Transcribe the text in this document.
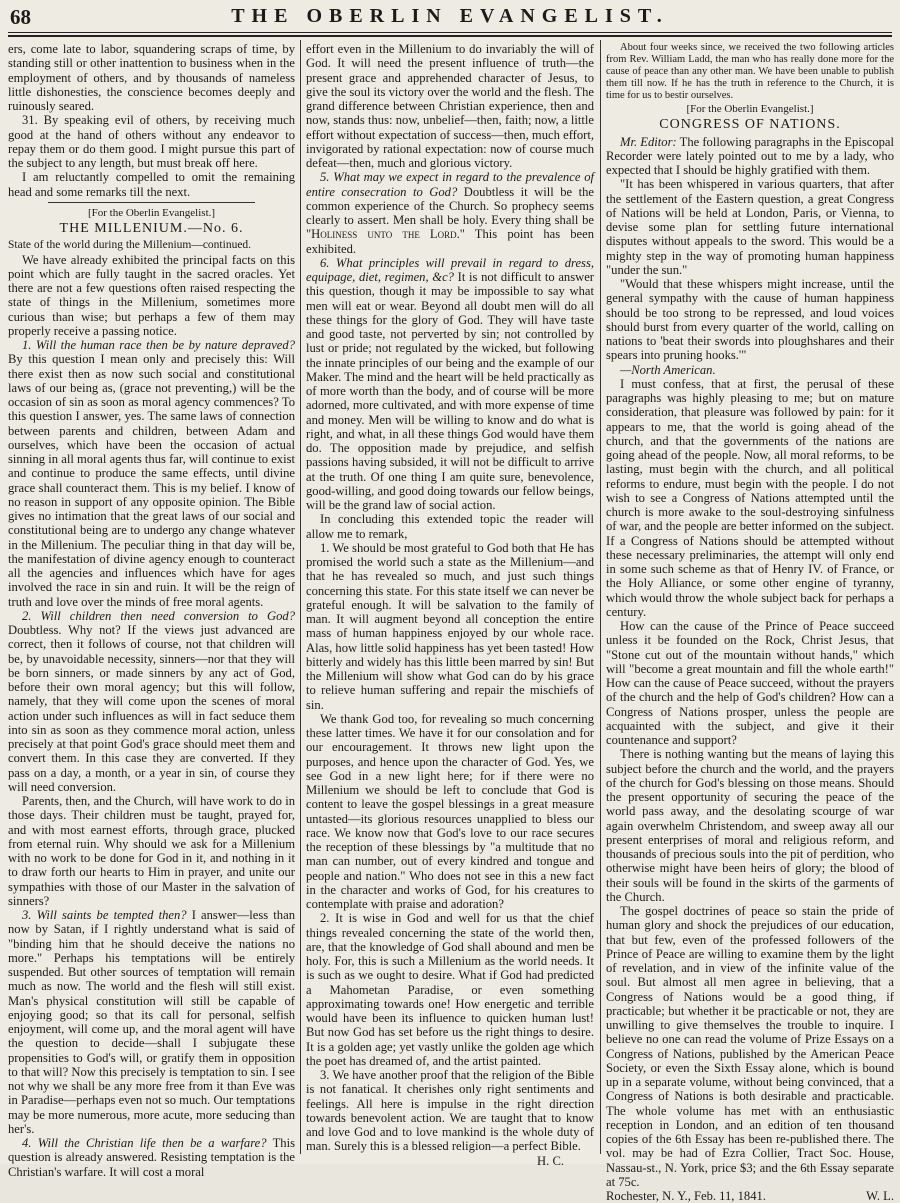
68	THE OBERLIN EVANGELIST.

ers, come late to labor, squandering scraps of time, by standing still or other inattention to business when in the employment of others, and by thousands of nameless little dishonesties, the conscience becomes deeply and ruinously seared.

31. By speaking evil of others, by receiving much good at the hand of others without any endeavor to repay them or do them good. I might pursue this part of the subject to any length, but must break off here.

I am reluctantly compelled to omit the remaining head and some remarks till the next.

[For the Oberlin Evangelist.]

THE MILLENIUM.—No. 6.

State of the world during the Millenium—continued.

We have already exhibited the principal facts on this point which are fully taught in the sacred oracles. Yet there are not a few questions often raised respecting the state of things in the Millenium, sometimes more curious than wise; but perhaps a few of them may properly receive a passing notice.

1. Will the human race then be by nature depraved? By this question I mean only and precisely this: Will there exist then as now such social and constitutional laws of our being as, (grace not preventing,) will be the occasion of sin as soon as moral agency commences? To this question I answer, yes. The same laws of connection between parents and children, between Adam and ourselves, which have been the occasion of actual sinning in all moral agents thus far, will continue to exist and continue to produce the same effects, until divine grace shall counteract them. This is my belief. I know of no reason in support of any opposite opinion. The Bible gives no intimation that the great laws of our social and constitutional being are to undergo any change whatever in the Millenium. The peculiar thing in that day will be, the manifestation of divine agency enough to counteract all the agencies and influences which have for ages involved the race in sin and ruin. It will be the reign of truth and love over the minds of free moral agents.

2. Will children then need conversion to God? Doubtless. Why not? If the views just advanced are correct, then it follows of course, not that children will be, by unavoidable necessity, sinners—nor that they will be born sinners, or made sinners by any act of God, before their own moral agency; but this will follow, namely, that they will come upon the scenes of moral action under such influences as will in fact seduce them into sin as soon as they commence moral action, unless precisely at that point God's grace should meet them and convert them. In this case they are converted. If they pass on a day, a month, or a year in sin, of course they will need conversion.

Parents, then, and the Church, will have work to do in those days. Their children must be taught, prayed for, and with most earnest efforts, through grace, plucked from eternal ruin. Why should we ask for a Millenium with no work to be done for God in it, and nothing in it to draw forth our hearts to Him in prayer, and unite our sympathies with those of our Master in the salvation of sinners?

3. Will saints be tempted then? I answer—less than now by Satan, if I rightly understand what is said of "binding him that he should deceive the nations no more." Perhaps his temptations will be entirely suspended. But other sources of temptation will remain much as now. The world and the flesh will still exist. Man's physical constitution will still be capable of enjoying good; so that its call for personal, selfish enjoyment, will come up, and the moral agent will have the question to decide—shall I subjugate these propensities to God's will, or gratify them in opposition to that will? Now this precisely is temptation to sin. I see not why we shall be any more free from it than Eve was in Paradise—perhaps even not so much. Our temptations may be more numerous, more acute, more seducing than her's.

4. Will the Christian life then be a warfare? This question is already answered. Resisting temptation is the Christian's warfare. It will cost a moral

effort even in the Millenium to do invariably the will of God. It will need the present influence of truth—the present grace and apprehended character of Jesus, to give the soul its victory over the world and the flesh. The grand difference between Christian experience, then and now, stands thus: now, unbelief—then, faith; now, a little effort without expectation of success—then, much effort, invigorated by rational expectation: now of course much defeat—then, much and glorious victory.

5. What may we expect in regard to the prevalence of entire consecration to God? Doubtless it will be the common experience of the Church. So prophecy seems clearly to assert. Men shall be holy. Every thing shall be "Holiness unto the Lord." This point has been exhibited.

6. What principles will prevail in regard to dress, equipage, diet, regimen, &c? It is not difficult to answer this question, though it may be impossible to say what men will eat or wear. Beyond all doubt men will do all these things for the glory of God. They will have taste and good taste, not perverted by sin; not controlled by lust or pride; not regulated by the wicked, but following the innate principles of our being and the example of our Maker. The mind and the heart will be held practically as of more worth than the body, and of course will be more adorned, more cultivated, and with more expense of time and money. Men will be willing to know and do what is right, and what, in all these things God would have them do. The opposition made by prejudice, and selfish passions having subsided, it will not be difficult to arrive at the truth. Of one thing I am quite sure, benevolence, good-willing, and good doing towards our fellow beings, will be the grand law of social action.

In concluding this extended topic the reader will allow me to remark,

1. We should be most grateful to God both that He has promised the world such a state as the Millenium—and that he has revealed so much, and just such things concerning this state. For this state itself we can never be grateful enough. It will be salvation to the family of man. It will augment beyond all conception the entire mass of human happiness enjoyed by our whole race. Alas, how little solid happiness has yet been tasted! How bitterly and widely has this little been marred by sin! But the Millenium will show what God can do by his grace to relieve human suffering and repair the mischiefs of sin.

We thank God too, for revealing so much concerning these latter times. We have it for our consolation and for our encouragement. It throws new light upon the purposes, and hence upon the character of God. Yes, we see God in a new light here; for if there were no Millenium we should be left to conclude that God is content to leave the gospel blessings in a great measure untasted—its glorious resources unapplied to bless our race. We know now that God's love to our race secures the reception of these blessings by "a multitude that no man can number, out of every kindred and tongue and people and nation." Who does not see in this a new fact in the character and works of God, for his creatures to contemplate with praise and adoration?

2. It is wise in God and well for us that the chief things revealed concerning the state of the world then, are, that the knowledge of God shall abound and men be holy. For, this is such a Millenium as the world needs. It is such as we ought to desire. What if God had predicted a Mahometan Paradise, or even something approximating towards one! How energetic and terrible would have been its influence to quicken human lust! But now God has set before us the right things to desire. It is a golden age; yet vastly unlike the golden age which the poet has dreamed of, and the artist painted.

3. We have another proof that the religion of the Bible is not fanatical. It cherishes only right sentiments and feelings. All here is impulse in the right direction towards benevolent action. We are taught that to know and love God and to love mankind is the whole duty of man. Surely this is a blessed religion—a perfect Bible.

H. C.

About four weeks since, we received the two following articles from Rev. William Ladd, the man who has really done more for the cause of peace than any other man. We have been unable to publish them till now. If he has the truth in reference to the Church, it is time for us to bestir ourselves.

[For the Oberlin Evangelist.]

CONGRESS OF NATIONS.

Mr. Editor: The following paragraphs in the Episcopal Recorder were lately pointed out to me by a lady, who expected that I should be highly gratified with them.

"It has been whispered in various quarters, that after the settlement of the Eastern question, a great Congress of Nations will be held at London, Paris, or Vienna, to devise some plan for settling future international disputes without appeals to the sword. This would be a mighty step in the way of promoting human happiness "under the sun."

"Would that these whispers might increase, until the general sympathy with the cause of human happiness should be too strong to be repressed, and loud voices should burst from every quarter of the world, calling on nations to 'beat their swords into ploughshares and their spears into pruning hooks.'"

—North American.

I must confess, that at first, the perusal of these paragraphs was highly pleasing to me; but on mature consideration, that pleasure was followed by pain: for it appears to me, that the world is going ahead of the church, and that the governments of the nations are going ahead of the people. Now, all moral reforms, to be lasting, must begin with the church, and all political reforms to endure, must begin with the people. I do not wish to see a Congress of Nations attempted until the church is more awake to the soul-destroying sinfulness of war, and the people are better informed on the subject. If a Congress of Nations should be attempted without these necessary preliminaries, the attempt will only end in some such scheme as that of Henry IV. of France, or the Holy Alliance, or some other engine of tyranny, which would throw the whole subject back for perhaps a century.

How can the cause of the Prince of Peace succeed unless it be founded on the Rock, Christ Jesus, that "Stone cut out of the mountain without hands," which will "become a great mountain and fill the whole earth!" How can the cause of Peace succeed, without the prayers of the church and the help of God's children? How can a Congress of Nations prosper, unless the people are acquainted with the subject, and give it their countenance and support?

There is nothing wanting but the means of laying this subject before the church and the world, and the prayers of the church for God's blessing on those means. Should the present opportunity of securing the peace of the world pass away, and the desolating scourge of war again overwhelm Christendom, and sweep away all our present enterprises of moral and religious reform, and thousands of precious souls into the pit of perdition, who otherwise might have been heirs of glory; the blood of their souls will be found in the skirts of the garments of the Church.

The gospel doctrines of peace so stain the pride of human glory and shock the prejudices of our education, that but few, even of the professed followers of the Prince of Peace are willing to examine them by the light of revelation, and in view of the infinite value of the soul. But almost all men agree in believing, that a Congress of Nations would be a good thing, if practicable; but whether it be practicable or not, they are unwilling to give themselves the trouble to inquire. I believe no one can read the volume of Prize Essays on a Congress of Nations, published by the American Peace Society, or even the Sixth Essay alone, which is bound up in a separate volume, without being convinced, that a Congress of Nations is both desirable and practicable. The whole volume has met with an enthusiastic reception in London, and an edition of ten thousand copies of the 6th Essay has been re-published there. The vol. may be had of Ezra Collier, Tract Soc. House, Nassau-st., N. York, price $3; and the 6th Essay separate at 75c.

Rochester, N. Y., Feb. 11, 1841.	W. L.
